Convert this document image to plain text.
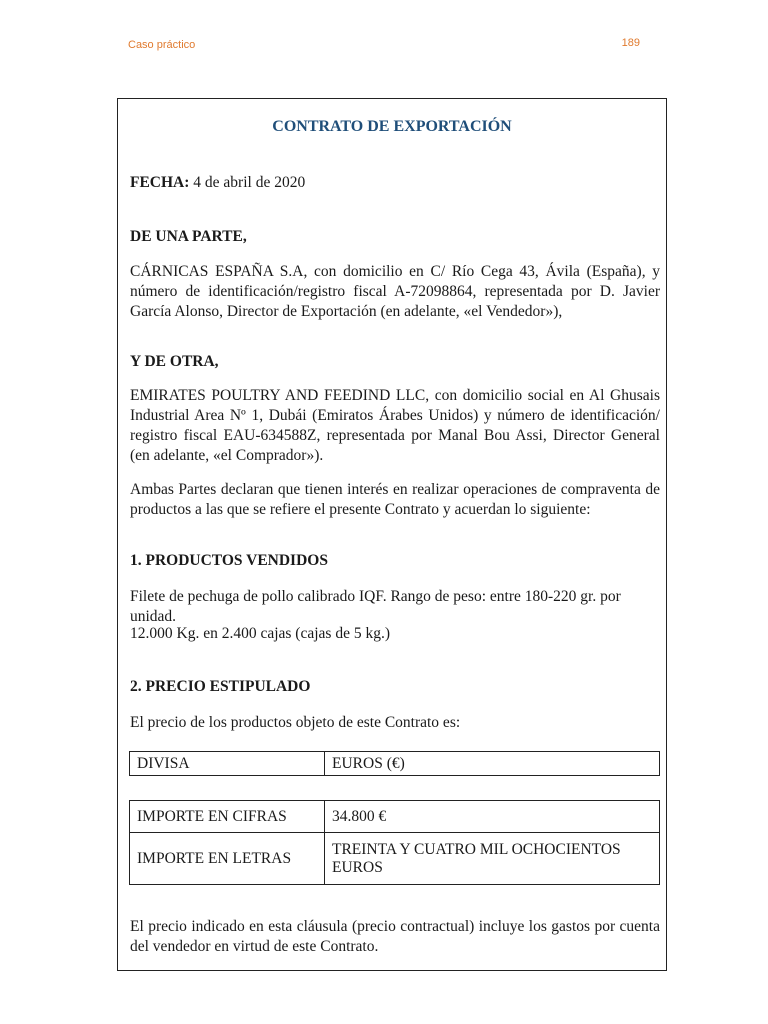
Caso práctico	189
CONTRATO DE EXPORTACIÓN
FECHA: 4 de abril de 2020
DE UNA PARTE,
CÁRNICAS ESPAÑA S.A, con domicilio en C/ Río Cega 43, Ávila (España), y número de identificación/registro fiscal A-72098864, representada por D. Javier García Alonso, Director de Exportación (en adelante, «el Vendedor»),
Y DE OTRA,
EMIRATES POULTRY AND FEEDIND LLC, con domicilio social en Al Ghusais Industrial Area Nº 1, Dubái (Emiratos Árabes Unidos) y número de identificación/ registro fiscal EAU-634588Z, representada por Manal Bou Assi, Director General (en adelante, «el Comprador»).
Ambas Partes declaran que tienen interés en realizar operaciones de compraventa de productos a las que se refiere el presente Contrato y acuerdan lo siguiente:
1. PRODUCTOS VENDIDOS
Filete de pechuga de pollo calibrado IQF. Rango de peso: entre 180-220 gr. por unidad.
12.000 Kg. en 2.400 cajas (cajas de 5 kg.)
2. PRECIO ESTIPULADO
El precio de los productos objeto de este Contrato es:
DIVISA	EUROS (€)
IMPORTE EN CIFRAS	34.800 €
IMPORTE EN LETRAS	TREINTA Y CUATRO MIL OCHOCIENTOS EUROS
El precio indicado en esta cláusula (precio contractual) incluye los gastos por cuenta del vendedor en virtud de este Contrato.
